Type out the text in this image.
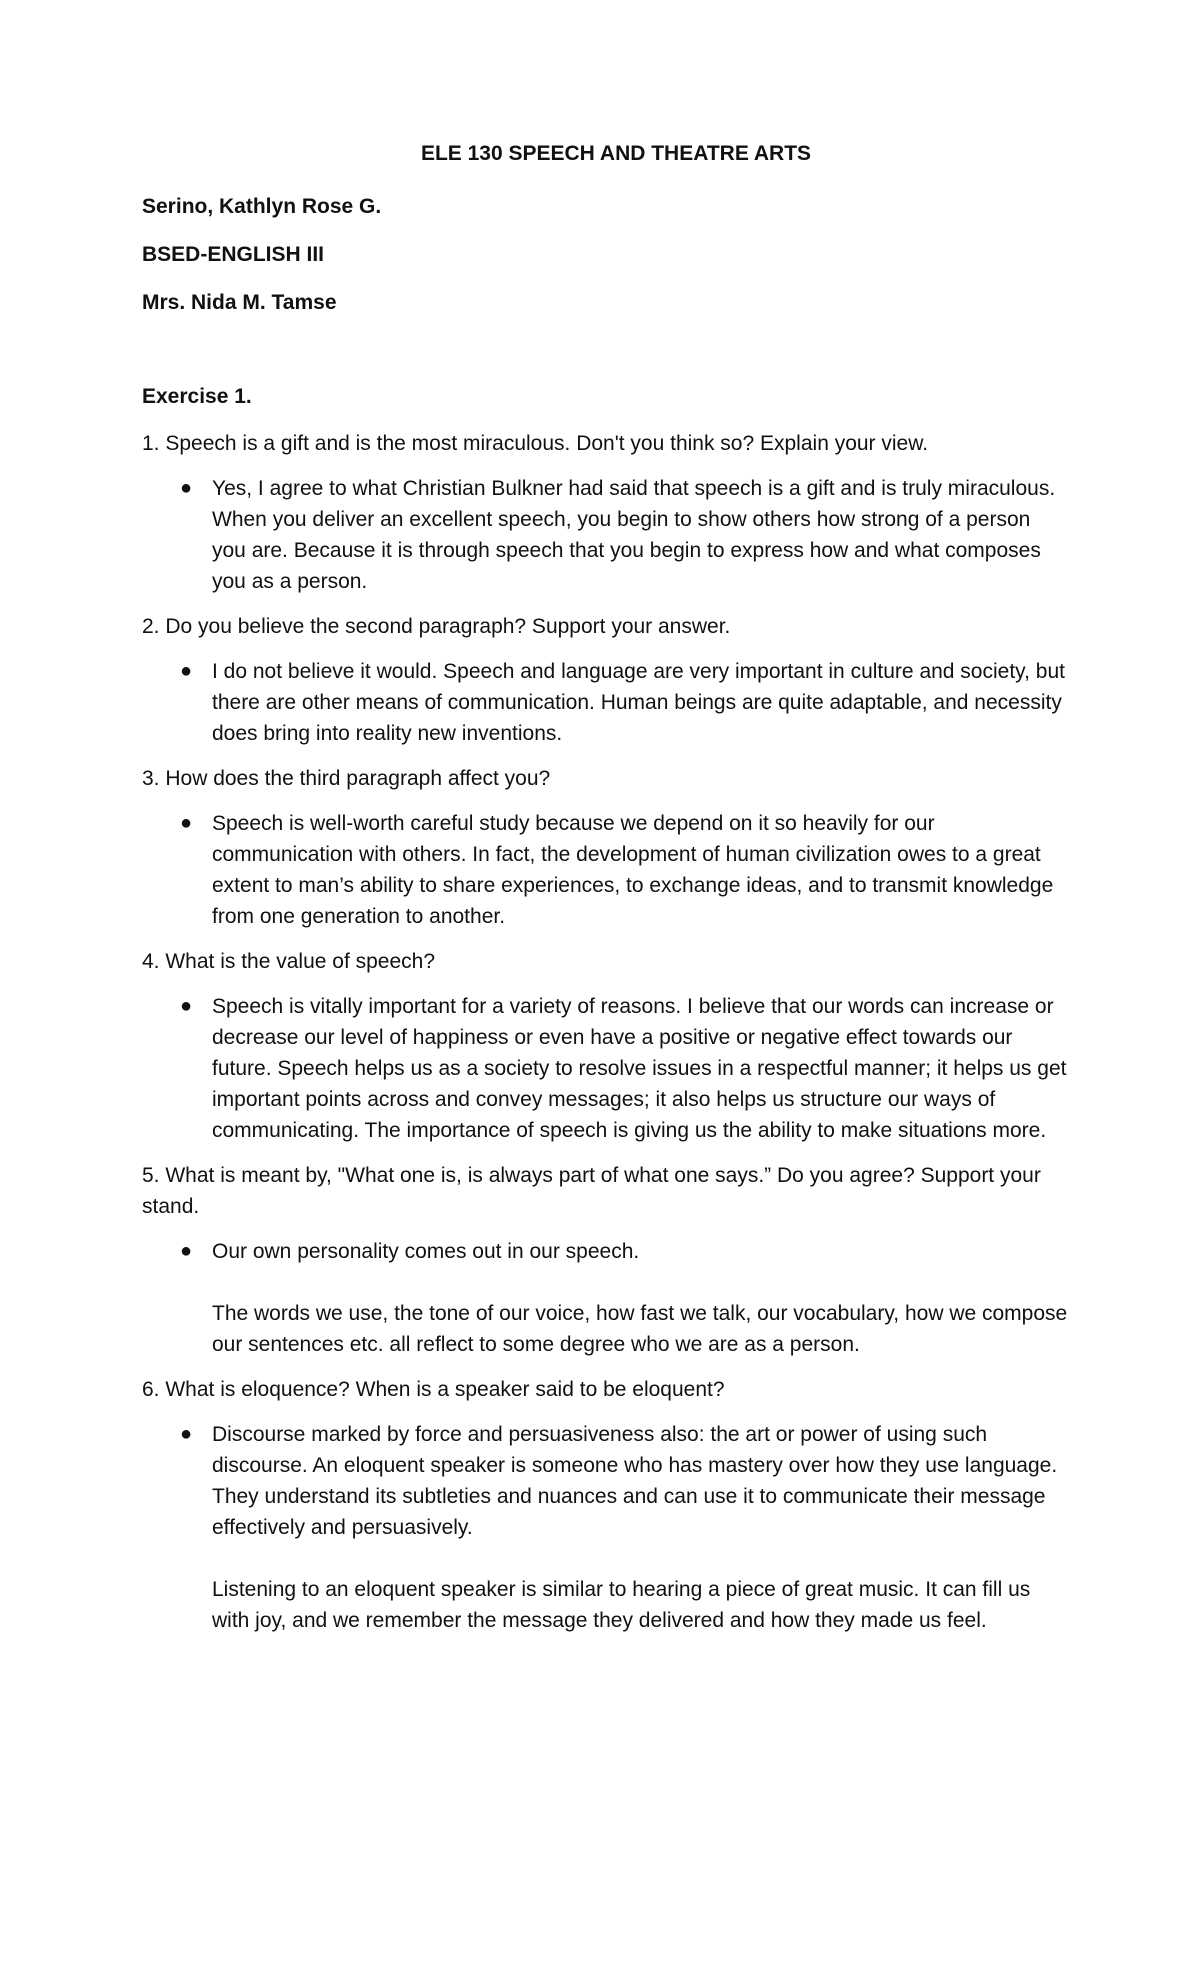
ELE 130 SPEECH AND THEATRE ARTS
Serino, Kathlyn Rose G.
BSED-ENGLISH III
Mrs. Nida M. Tamse
Exercise 1.
1. Speech is a gift and is the most miraculous. Don't you think so? Explain your view.
● Yes, I agree to what Christian Bulkner had said that speech is a gift and is truly miraculous. When you deliver an excellent speech, you begin to show others how strong of a person you are. Because it is through speech that you begin to express how and what composes you as a person.

2. Do you believe the second paragraph? Support your answer.
● I do not believe it would. Speech and language are very important in culture and society, but there are other means of communication. Human beings are quite adaptable, and necessity does bring into reality new inventions.

3. How does the third paragraph affect you?
● Speech is well-worth careful study because we depend on it so heavily for our communication with others. In fact, the development of human civilization owes to a great extent to man’s ability to share experiences, to exchange ideas, and to transmit knowledge from one generation to another.

4. What is the value of speech?
● Speech is vitally important for a variety of reasons. I believe that our words can increase or decrease our level of happiness or even have a positive or negative effect towards our future. Speech helps us as a society to resolve issues in a respectful manner; it helps us get important points across and convey messages; it also helps us structure our ways of communicating. The importance of speech is giving us the ability to make situations more.

5. What is meant by, "What one is, is always part of what one says.” Do you agree? Support your stand.
● Our own personality comes out in our speech.

The words we use, the tone of our voice, how fast we talk, our vocabulary, how we compose our sentences etc. all reflect to some degree who we are as a person.

6. What is eloquence? When is a speaker said to be eloquent?
● Discourse marked by force and persuasiveness also: the art or power of using such discourse. An eloquent speaker is someone who has mastery over how they use language. They understand its subtleties and nuances and can use it to communicate their message effectively and persuasively.

Listening to an eloquent speaker is similar to hearing a piece of great music. It can fill us with joy, and we remember the message they delivered and how they made us feel.
